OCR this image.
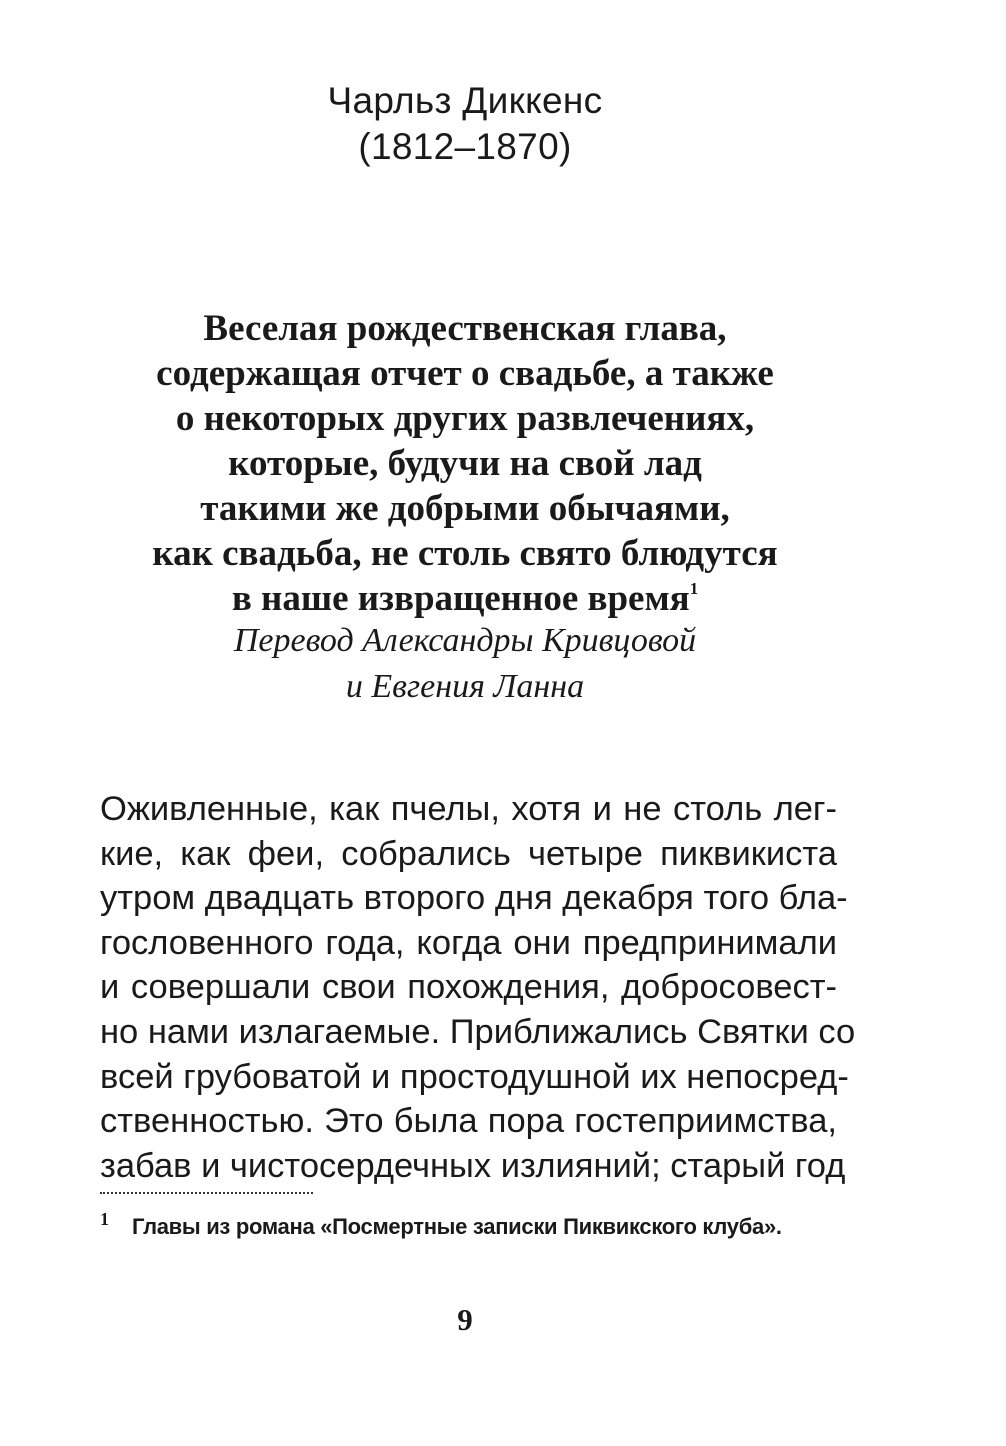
Чарльз Диккенс
(1812–1870)
Веселая рождественская глава,
содержащая отчет о свадьбе, а также
о некоторых других развлечениях,
которые, будучи на свой лад
такими же добрыми обычаями,
как свадьба, не столь свято блюдутся
в наше извращенное время$^1$
Перевод Александры Кривцовой
и Евгения Ланна
Оживленные, как пчелы, хотя и не столь лег-
кие, как феи, собрались четыре пиквикиста
утром двадцать второго дня декабря того бла-
гословенного года, когда они предпринимали
и совершали свои похождения, добросовест-
но нами излагаемые. Приближались Святки со
всей грубоватой и простодушной их непосред-
ственностью. Это была пора гостеприимства,
забав и чистосердечных излияний; старый год
1 Главы из романа «Посмертные записки Пиквикского клуба».
9
